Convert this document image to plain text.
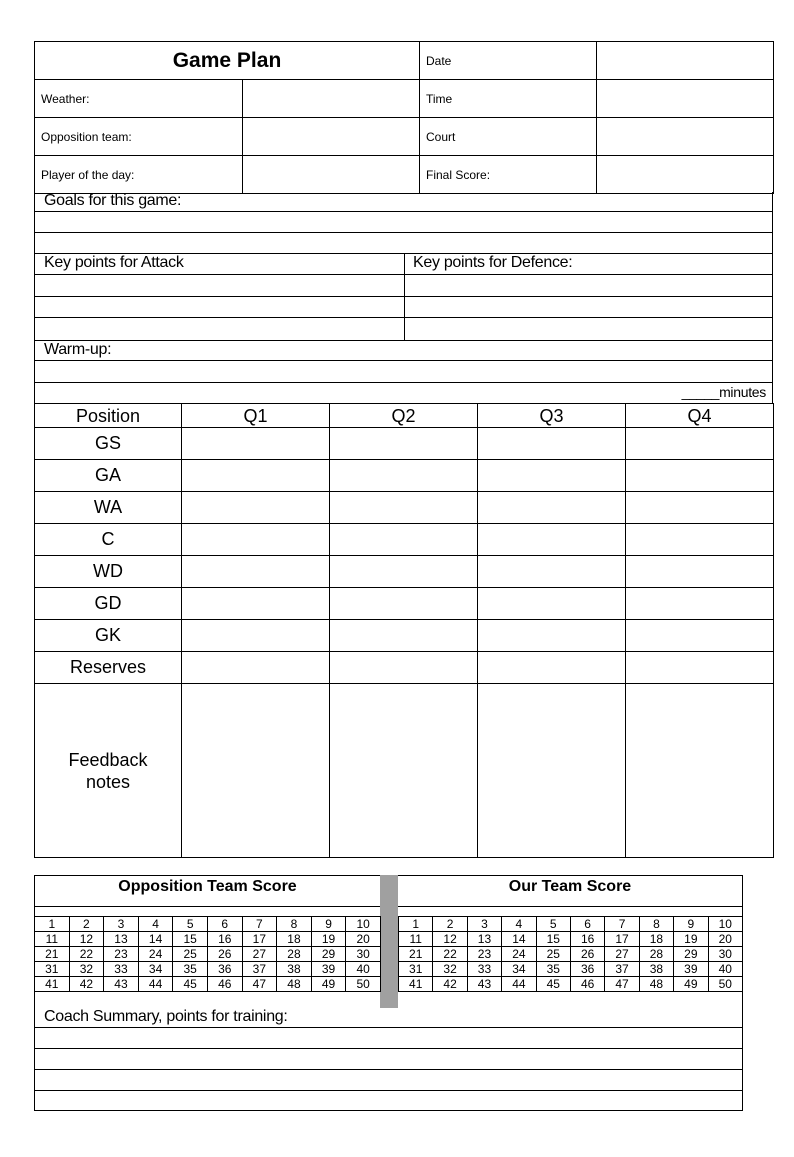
Game Plan		Date	
Weather:		Time	
Opposition team:		Court	
Player of the day:		Final Score:	
Goals for this game:
Key points for Attack	Key points for Defence:
Warm-up:
_____minutes
Position	Q1	Q2	Q3	Q4
GS				
GA				
WA				
C				
WD				
GD				
GK				
Reserves				

Feedback notes				

Opposition Team Score	Our Team Score
1	2	3	4	5	6	7	8	9	10
11	12	13	14	15	16	17	18	19	20
21	22	23	24	25	26	27	28	29	30
31	32	33	34	35	36	37	38	39	40
41	42	43	44	45	46	47	48	49	50
1	2	3	4	5	6	7	8	9	10
11	12	13	14	15	16	17	18	19	20
21	22	23	24	25	26	27	28	29	30
31	32	33	34	35	36	37	38	39	40
41	42	43	44	45	46	47	48	49	50
Coach Summary, points for training:
